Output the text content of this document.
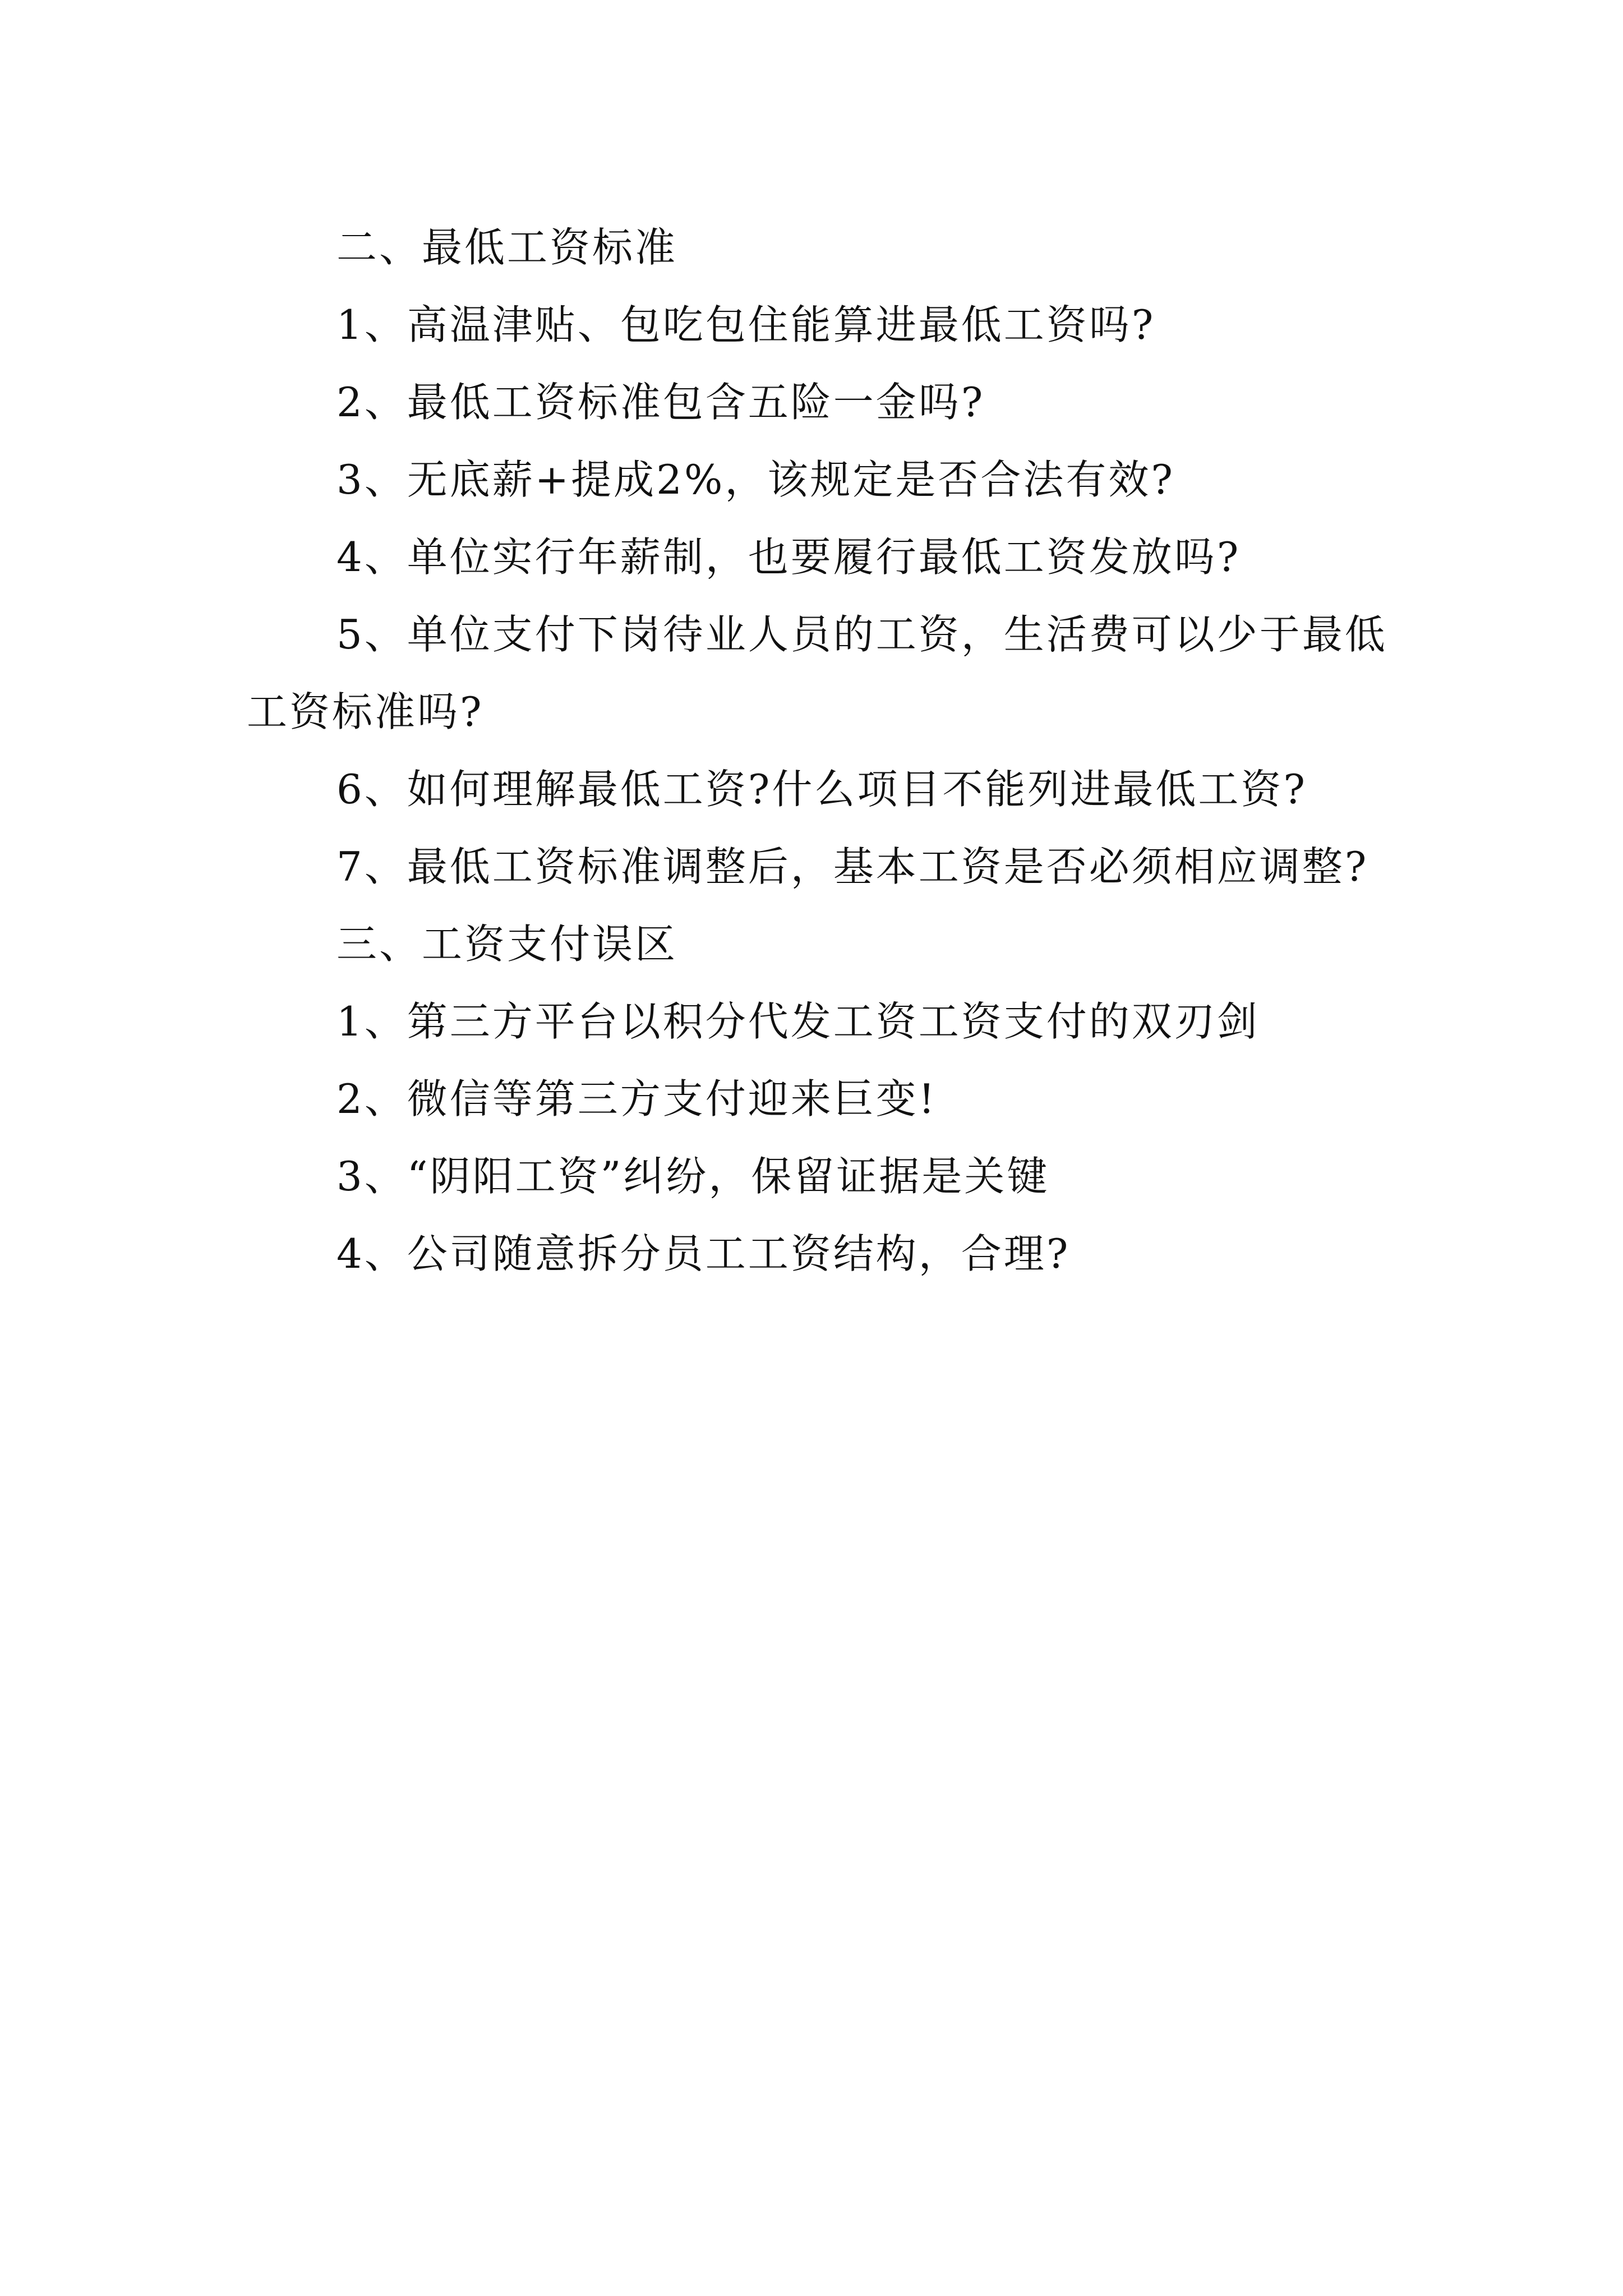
二、最低工资标准
1、高温津贴、包吃包住能算进最低工资吗?
2、最低工资标准包含五险一金吗?
3、无底薪+提成2%，该规定是否合法有效?
4、单位实行年薪制，也要履行最低工资发放吗?
5、单位支付下岗待业人员的工资，生活费可以少于最低工资标准吗?
6、如何理解最低工资?什么项目不能列进最低工资?
7、最低工资标准调整后，基本工资是否必须相应调整?
三、工资支付误区
1、第三方平台以积分代发工资工资支付的双刃剑
2、微信等第三方支付迎来巨变!
3、“阴阳工资”纠纷，保留证据是关键
4、公司随意拆分员工工资结构，合理?
